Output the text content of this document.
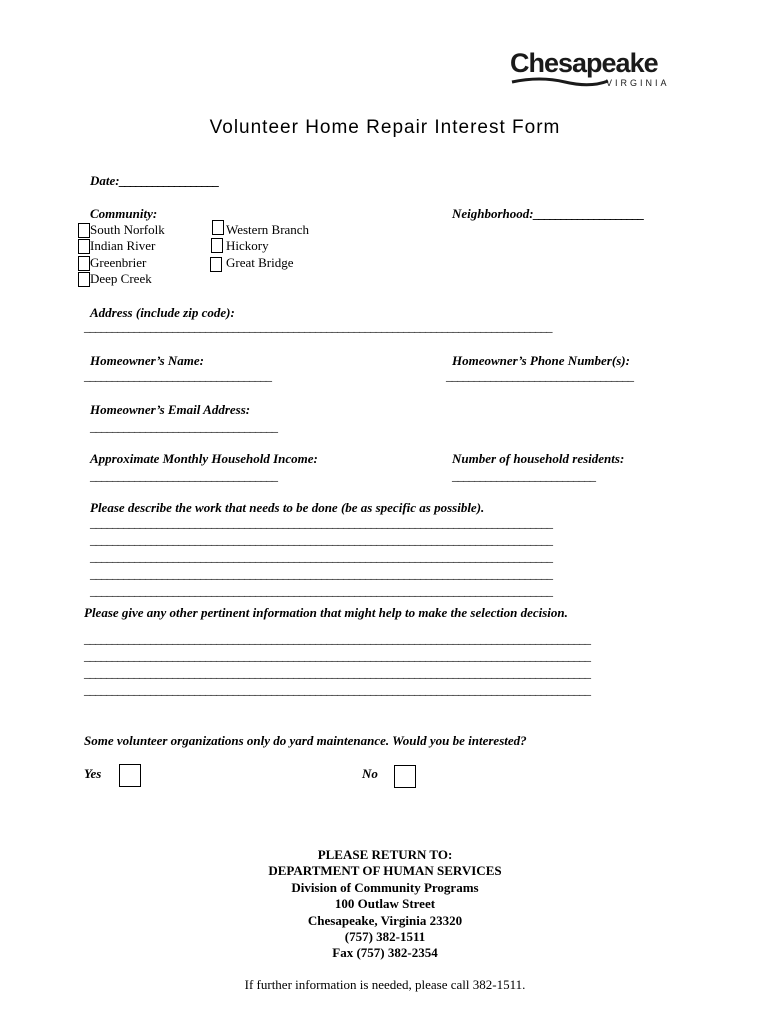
Chesapeake
VIRGINIA
Volunteer Home Repair Interest Form
Date:__________________
Community:
South Norfolk
Indian River
Greenbrier
Deep Creek
Western Branch
Hickory
Great Bridge
Neighborhood:____________________
Address (include zip code):
_____________________________________________________________________________________
Homeowner’s Name:
__________________________________
Homeowner’s Phone Number(s):
__________________________________
Homeowner’s Email Address:
__________________________________
Approximate Monthly Household Income:
__________________________________
Number of household residents:
__________________________
Please describe the work that needs to be done (be as specific as possible).
____________________________________________________________________________________
____________________________________________________________________________________
____________________________________________________________________________________
____________________________________________________________________________________
____________________________________________________________________________________
Please give any other pertinent information that might help to make the selection decision.
____________________________________________________________________________________________
____________________________________________________________________________________________
____________________________________________________________________________________________
____________________________________________________________________________________________
Some volunteer organizations only do yard maintenance. Would you be interested?
Yes	No
PLEASE RETURN TO:
DEPARTMENT OF HUMAN SERVICES
Division of Community Programs
100 Outlaw Street
Chesapeake, Virginia 23320
(757) 382-1511
Fax (757) 382-2354
If further information is needed, please call 382-1511.
